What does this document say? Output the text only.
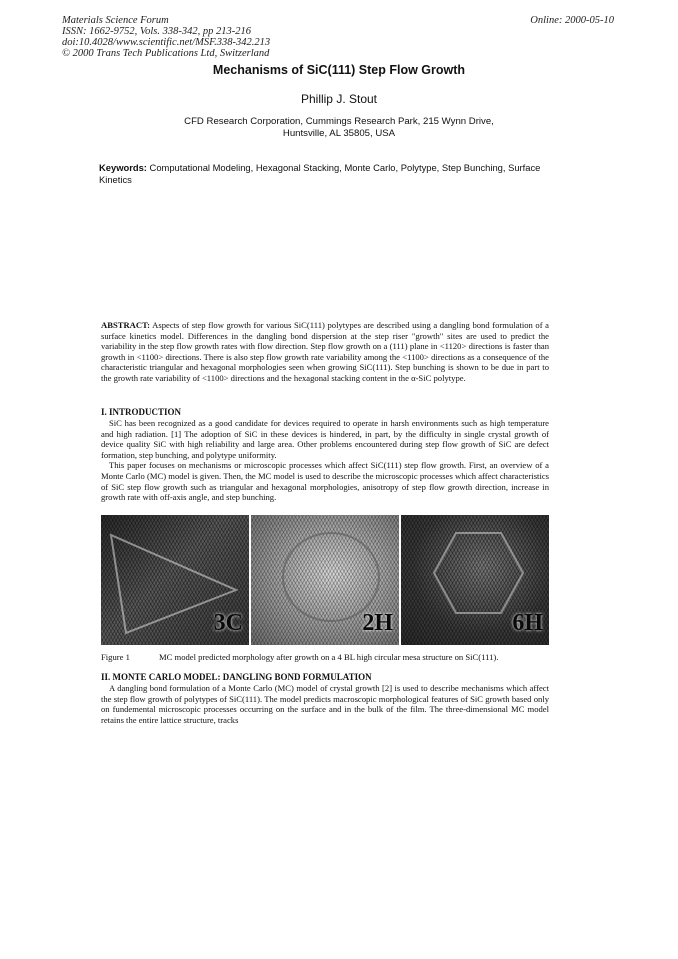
Materials Science Forum
ISSN: 1662-9752, Vols. 338-342, pp 213-216
doi:10.4028/www.scientific.net/MSF.338-342.213
© 2000 Trans Tech Publications Ltd, Switzerland
Online: 2000-05-10
Mechanisms of SiC(111) Step Flow Growth
Phillip J. Stout
CFD Research Corporation, Cummings Research Park, 215 Wynn Drive,
Huntsville, AL 35805, USA
Keywords: Computational Modeling, Hexagonal Stacking, Monte Carlo, Polytype, Step Bunching, Surface Kinetics

ABSTRACT: Aspects of step flow growth for various SiC(111) polytypes are described using a dangling bond formulation of a surface kinetics model. Differences in the dangling bond dispersion at the step riser "growth" sites are used to predict the variability in the step flow growth rates with flow direction. Step flow growth on a (111) plane in <1120> directions is faster than growth in <1100> directions. There is also step flow growth rate variability among the <1100> directions as a consequence of the characteristic triangular and hexagonal morphologies seen when growing SiC(111). Step bunching is shown to be due in part to the growth rate variability of <1100> directions and the hexagonal stacking content in the α-SiC polytype.

I. INTRODUCTION

SiC has been recognized as a good candidate for devices required to operate in harsh environments such as high temperature and high radiation. [1] The adoption of SiC in these devices is hindered, in part, by the difficulty in single crystal growth of device quality SiC with high reliability and large area. Other problems encountered during step flow growth of SiC are defect formation, step bunching, and polytype uniformity.

This paper focuses on mechanisms or microscopic processes which affect SiC(111) step flow growth. First, an overview of a Monte Carlo (MC) model is given. Then, the MC model is used to describe the microscopic processes which affect characteristics of SiC step flow growth such as triangular and hexagonal morphologies, anisotropy of step flow growth direction, increase in growth rate with off-axis angle, and step bunching.

3C	2H	6H
Figure 1	MC model predicted morphology after growth on a 4 BL high circular mesa structure on SiC(111).
II. MONTE CARLO MODEL: DANGLING BOND FORMULATION

A dangling bond formulation of a Monte Carlo (MC) model of crystal growth [2] is used to describe mechanisms which affect the step flow growth of polytypes of SiC(111). The model predicts macroscopic morphological features of SiC growth based only on fundemental microscopic processes occurring on the surface and in the bulk of the film. The three-dimensional MC model retains the entire lattice structure, tracks
